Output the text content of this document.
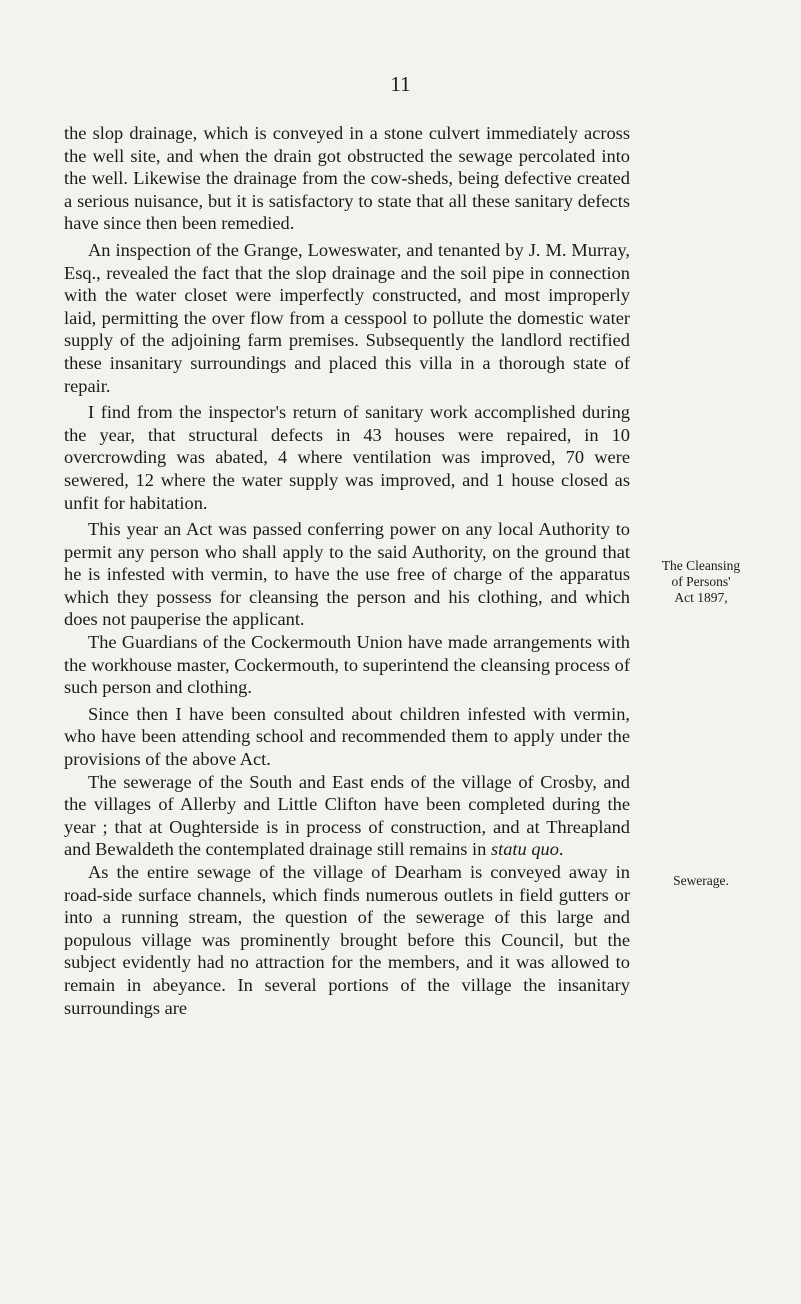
11

the slop drainage, which is conveyed in a stone culvert immediately across the well site, and when the drain got obstructed the sewage percolated into the well. Likewise the drainage from the cow-sheds, being defective created a serious nuisance, but it is satisfactory to state that all these sanitary defects have since then been remedied.

An inspection of the Grange, Loweswater, and tenanted by J. M. Murray, Esq., revealed the fact that the slop drainage and the soil pipe in connection with the water closet were imperfectly constructed, and most improperly laid, permitting the over flow from a cesspool to pollute the domestic water supply of the adjoining farm premises. Subsequently the landlord rectified these insanitary surroundings and placed this villa in a thorough state of repair.

I find from the inspector's return of sanitary work accomplished during the year, that structural defects in 43 houses were repaired, in 10 overcrowding was abated, 4 where ventilation was improved, 70 were sewered, 12 where the water supply was improved, and 1 house closed as unfit for habitation.

This year an Act was passed conferring power on any local Authority to permit any person who shall apply to the said Authority, on the ground that he is infested with vermin, to have the use free of charge of the apparatus which they possess for cleansing the person and his clothing, and which does not pauperise the applicant.

The Guardians of the Cockermouth Union have made arrangements with the workhouse master, Cockermouth, to superintend the cleansing process of such person and clothing.

Since then I have been consulted about children infested with vermin, who have been attending school and recommended them to apply under the provisions of the above Act.

The sewerage of the South and East ends of the village of Crosby, and the villages of Allerby and Little Clifton have been completed during the year ; that at Oughterside is in process of construction, and at Threapland and Bewaldeth the contemplated drainage still remains in statu quo.

As the entire sewage of the village of Dearham is conveyed away in road-side surface channels, which finds numerous outlets in field gutters or into a running stream, the question of the sewerage of this large and populous village was prominently brought before this Council, but the subject evidently had no attraction for the members, and it was allowed to remain in abeyance. In several portions of the village the insanitary surroundings are

The Cleansing
of Persons'
Act 1897,
Sewerage.
